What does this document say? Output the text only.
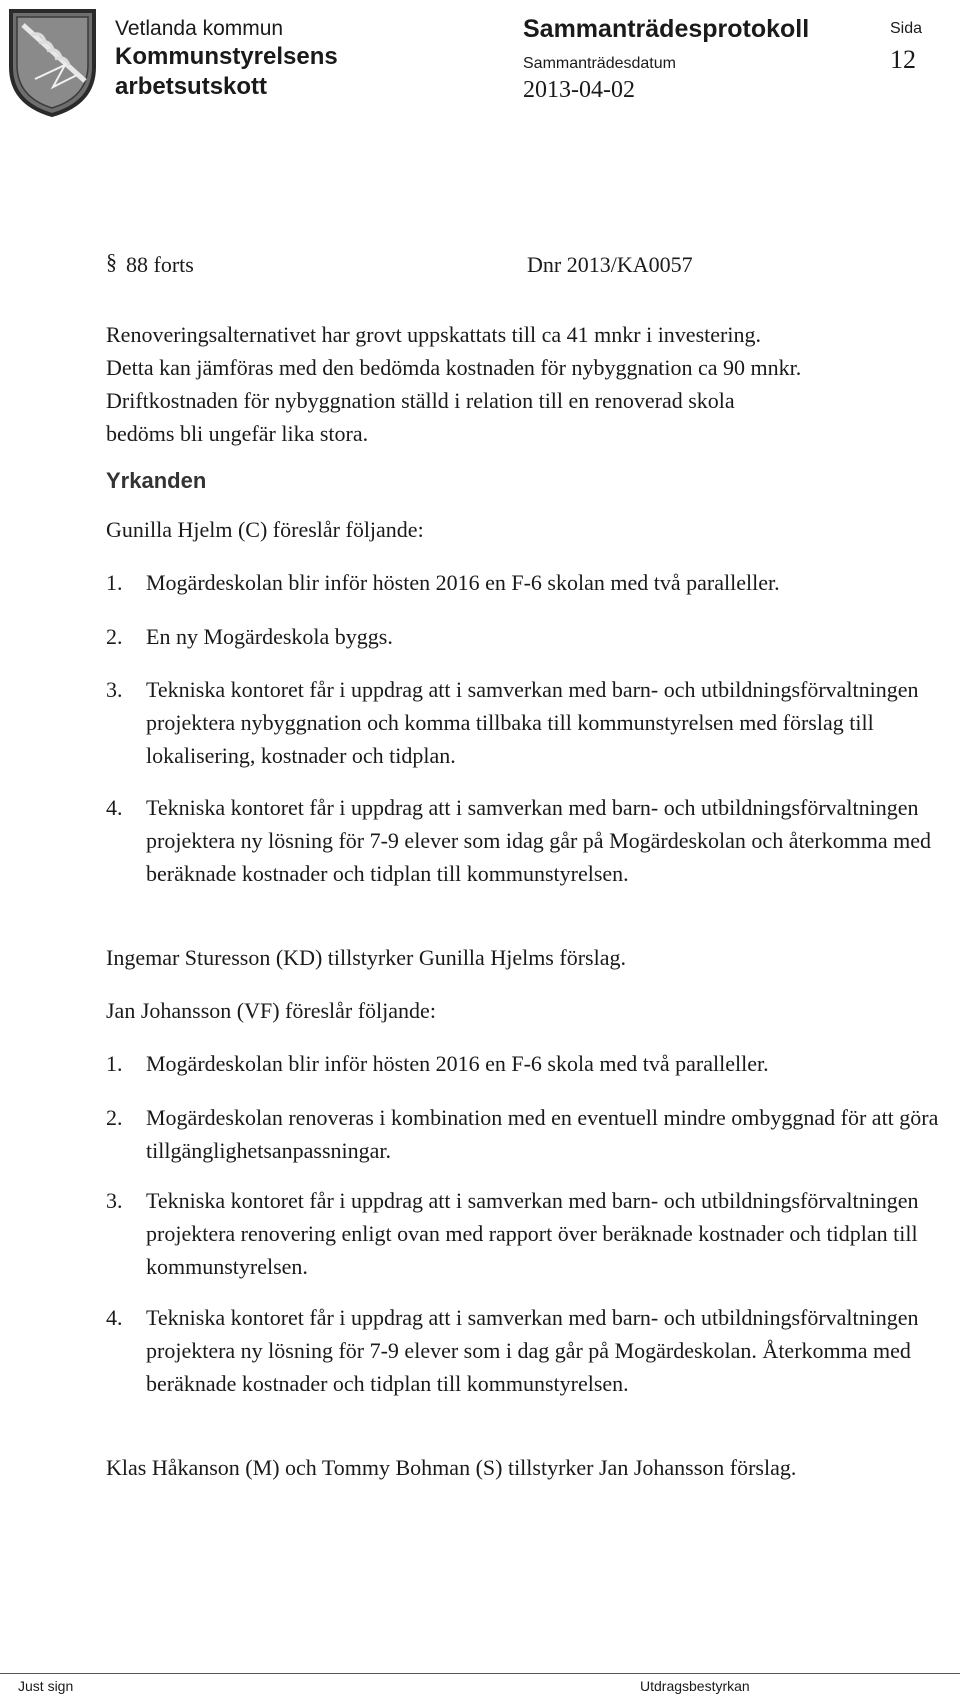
Vetlanda kommun
Kommunstyrelsens arbetsutskott
Sammanträdesprotokoll
Sammanträdesdatum
2013-04-02
Sida
12
§ 88 forts	Dnr 2013/KA0057
Renoveringsalternativet har grovt uppskattats till ca 41 mnkr i investering.
Detta kan jämföras med den bedömda kostnaden för nybyggnation ca 90 mnkr.
Driftkostnaden för nybyggnation ställd i relation till en renoverad skola
bedöms bli ungefär lika stora.
Yrkanden
Gunilla Hjelm (C) föreslår följande:
1. Mogärdeskolan blir inför hösten 2016 en F-6 skolan med två paralleller.
2. En ny Mogärdeskola byggs.
3. Tekniska kontoret får i uppdrag att i samverkan med barn- och utbildningsförvaltningen projektera nybyggnation och komma tillbaka till kommunstyrelsen med förslag till lokalisering, kostnader och tidplan.
4. Tekniska kontoret får i uppdrag att i samverkan med barn- och utbildningsförvaltningen projektera ny lösning för 7-9 elever som idag går på Mogärdeskolan och återkomma med beräknade kostnader och tidplan till kommunstyrelsen.
Ingemar Sturesson (KD) tillstyrker Gunilla Hjelms förslag.
Jan Johansson (VF) föreslår följande:
1. Mogärdeskolan blir inför hösten 2016 en F-6 skola med två paralleller.
2. Mogärdeskolan renoveras i kombination med en eventuell mindre ombyggnad för att göra tillgänglighetsanpassningar.
3. Tekniska kontoret får i uppdrag att i samverkan med barn- och utbildningsförvaltningen projektera renovering enligt ovan med rapport över beräknade kostnader och tidplan till kommunstyrelsen.
4. Tekniska kontoret får i uppdrag att i samverkan med barn- och utbildningsförvaltningen projektera ny lösning för 7-9 elever som i dag går på Mogärdeskolan. Återkomma med beräknade kostnader och tidplan till kommunstyrelsen.
Klas Håkanson (M) och Tommy Bohman (S) tillstyrker Jan Johansson förslag.
Just sign	Utdragsbestyrkan
